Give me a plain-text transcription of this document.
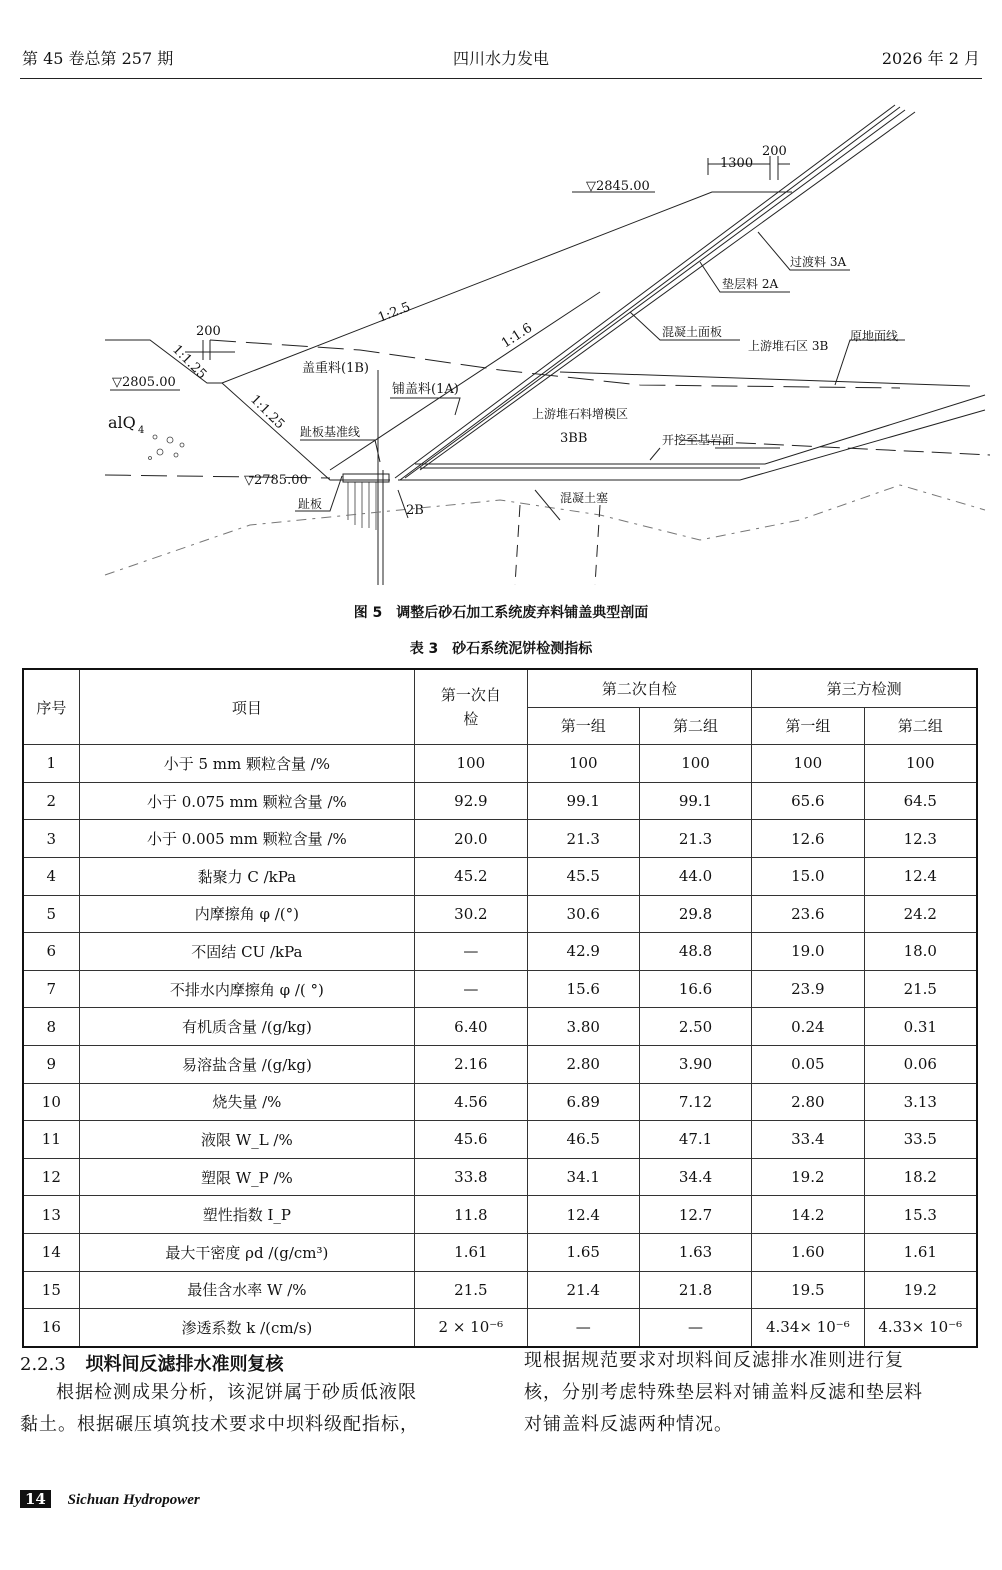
第 45 卷总第 257 期	四川水力发电	2026 年 2 月
▽2845.00
▽2805.00
▽2785.00
1300
200
200
1:2.5
1:1.6
1:1.25
1:1.25
过渡料 3A
垫层料 2A
混凝土面板
上游堆石区 3B
原地面线
盖重料(1B)
铺盖料(1A)
上游堆石料增模区
3BB	开挖至基岩面
趾板基准线
趾板	2B
混凝土塞
alQ 4
图 5　调整后砂石加工系统废弃料铺盖典型剖面
表 3　砂石系统泥饼检测指标
序号	项目	第一次自检	第二次自检		第三方检测	
			第一组	第二组	第一组	第二组
1	小于 5 mm 颗粒含量 /%	100	100	100	100	100
2	小于 0.075 mm 颗粒含量 /%	92.9	99.1	99.1	65.6	64.5
3	小于 0.005 mm 颗粒含量 /%	20.0	21.3	21.3	12.6	12.3
4	黏聚力 C /kPa	45.2	45.5	44.0	15.0	12.4
5	内摩擦角 φ /(°)	30.2	30.6	29.8	23.6	24.2
6	不固结 CU /kPa	—	42.9	48.8	19.0	18.0
7	不排水内摩擦角 φ /( °)	—	15.6	16.6	23.9	21.5
8	有机质含量 /(g/kg)	6.40	3.80	2.50	0.24	0.31
9	易溶盐含量 /(g/kg)	2.16	2.80	3.90	0.05	0.06
10	烧失量 /%	4.56	6.89	7.12	2.80	3.13
11	液限 W_L /%	45.6	46.5	47.1	33.4	33.5
12	塑限 W_P /%	33.8	34.1	34.4	19.2	18.2
13	塑性指数 I_P	11.8	12.4	12.7	14.2	15.3
14	最大干密度 ρd /(g/cm³)	1.61	1.65	1.63	1.60	1.61
15	最佳含水率 W /%	21.5	21.4	21.8	19.5	19.2
16	渗透系数 k /(cm/s)	2 × 10⁻⁶	—	—	4.34× 10⁻⁶	4.33× 10⁻⁶
2.2.3 坝料间反滤排水准则复核
根据检测成果分析，该泥饼属于砂质低液限
黏土。根据碾压填筑技术要求中坝料级配指标，
现根据规范要求对坝料间反滤排水准则进行复
核，分别考虑特殊垫层料对铺盖料反滤和垫层料
对铺盖料反滤两种情况。
14 Sichuan Hydropower
